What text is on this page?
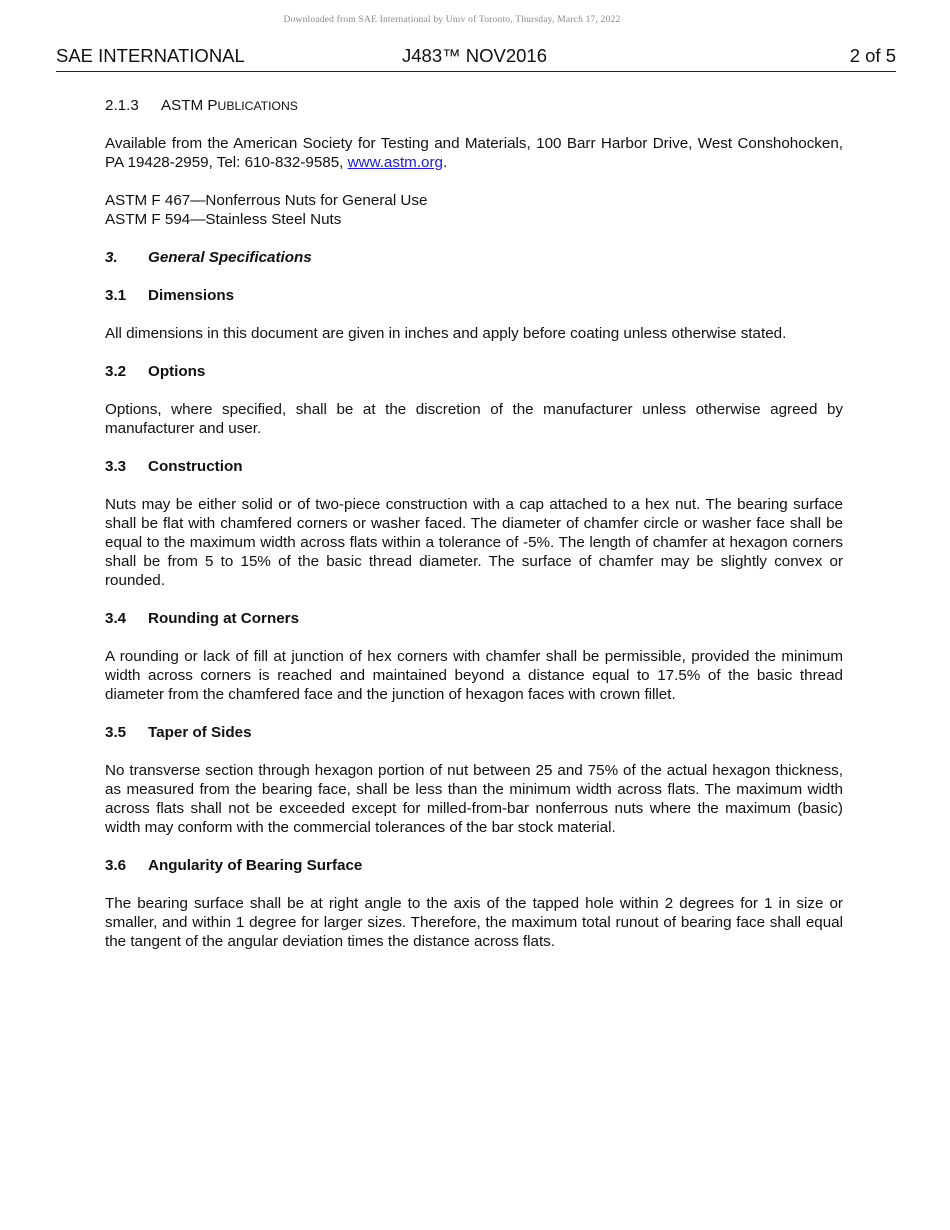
Downloaded from SAE International by Univ of Toronto, Thursday, March 17, 2022
SAE INTERNATIONAL	J483™ NOV2016	2 of 5
2.1.3	ASTM PUBLICATIONS

Available from the American Society for Testing and Materials, 100 Barr Harbor Drive, West Conshohocken, PA 19428-2959, Tel: 610-832-9585, www.astm.org.

ASTM F 467—Nonferrous Nuts for General Use
ASTM F 594—Stainless Steel Nuts
3.	General Specifications
3.1	Dimensions

All dimensions in this document are given in inches and apply before coating unless otherwise stated.

3.2	Options

Options, where specified, shall be at the discretion of the manufacturer unless otherwise agreed by manufacturer and user.

3.3	Construction

Nuts may be either solid or of two-piece construction with a cap attached to a hex nut. The bearing surface shall be flat with chamfered corners or washer faced. The diameter of chamfer circle or washer face shall be equal to the maximum width across flats within a tolerance of -5%. The length of chamfer at hexagon corners shall be from 5 to 15% of the basic thread diameter. The surface of chamfer may be slightly convex or rounded.

3.4	Rounding at Corners

A rounding or lack of fill at junction of hex corners with chamfer shall be permissible, provided the minimum width across corners is reached and maintained beyond a distance equal to 17.5% of the basic thread diameter from the chamfered face and the junction of hexagon faces with crown fillet.

3.5	Taper of Sides

No transverse section through hexagon portion of nut between 25 and 75% of the actual hexagon thickness, as measured from the bearing face, shall be less than the minimum width across flats. The maximum width across flats shall not be exceeded except for milled-from-bar nonferrous nuts where the maximum (basic) width may conform with the commercial tolerances of the bar stock material.

3.6	Angularity of Bearing Surface

The bearing surface shall be at right angle to the axis of the tapped hole within 2 degrees for 1 in size or smaller, and within 1 degree for larger sizes. Therefore, the maximum total runout of bearing face shall equal the tangent of the angular deviation times the distance across flats.
